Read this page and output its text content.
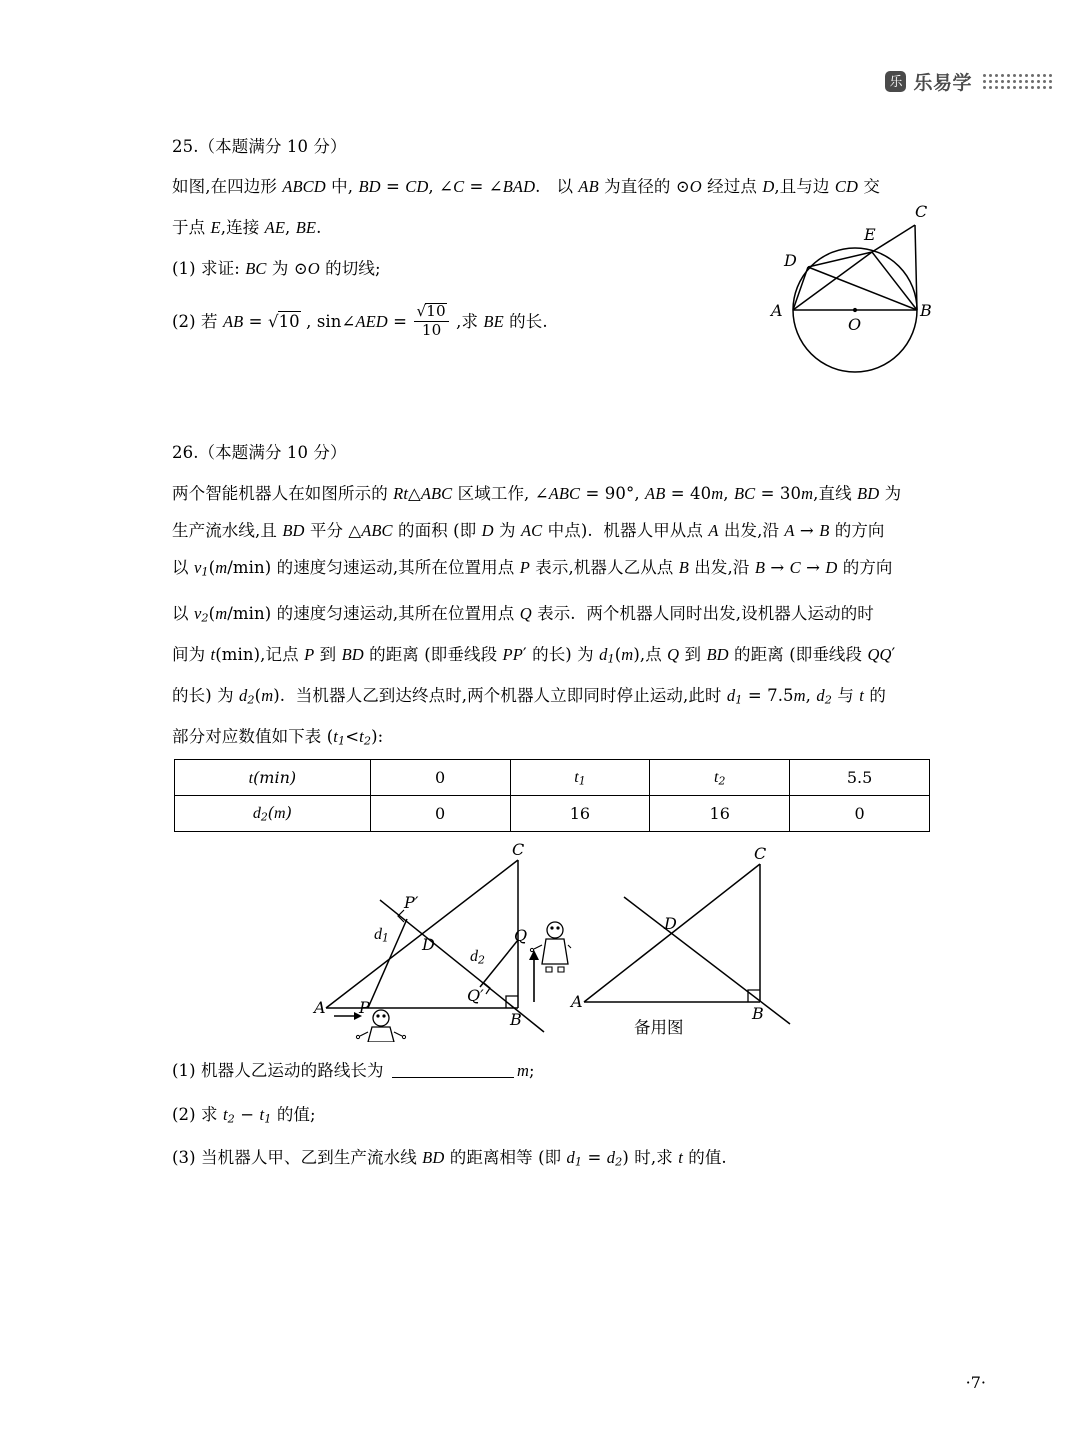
乐 乐易学
25.（本题满分 10 分）
如图,在四边形 ABCD 中, BD = CD, ∠C = ∠BAD.   以 AB 为直径的 ⊙O 经过点 D,且与边 CD 交
于点 E,连接 AE, BE.
(1) 求证: BC 为 ⊙O 的切线;
(2) 若 AB = √10 , sin∠AED = $\frac{√10}{10}$ ,求 BE 的长.
A	B
C
D
E
O
26.（本题满分 10 分）
两个智能机器人在如图所示的 Rt△ABC 区域工作, ∠ABC = 90°, AB = 40m, BC = 30m,直线 BD 为
生产流水线,且 BD 平分 △ABC 的面积 (即 D 为 AC 中点).  机器人甲从点 A 出发,沿 A → B 的方向
以 $v_1(m/\min)$ 的速度匀速运动,其所在位置用点 P 表示,机器人乙从点 B 出发,沿 B → C → D 的方向
以 $v_2(m/\min)$ 的速度匀速运动,其所在位置用点 Q 表示.  两个机器人同时出发,设机器人运动的时
间为 t(min),记点 P 到 BD 的距离 (即垂线段 PP′ 的长) 为 $d_1(m)$,点 Q 到 BD 的距离 (即垂线段 QQ′
的长) 为 $d_2(m)$.  当机器人乙到达终点时,两个机器人立即同时停止运动,此时 $d_1 = 7.5m$, $d_2$ 与 t 的
部分对应数值如下表 $(t_1<t_2)$:
t(min)	0	$t_1$	$t_2$	5.5
$d_2(m)$	0	16	16	0
A
B
C
D
P
P′
Q
Q′
$d_1$
$d_2$
A
B
C
D
备用图
(1) 机器人乙运动的路线长为	m;
(2) 求 $t_2 - t_1$ 的值;
(3) 当机器人甲、乙到生产流水线 BD 的距离相等 (即 $d_1 = d_2$) 时,求 t 的值.
·7·
